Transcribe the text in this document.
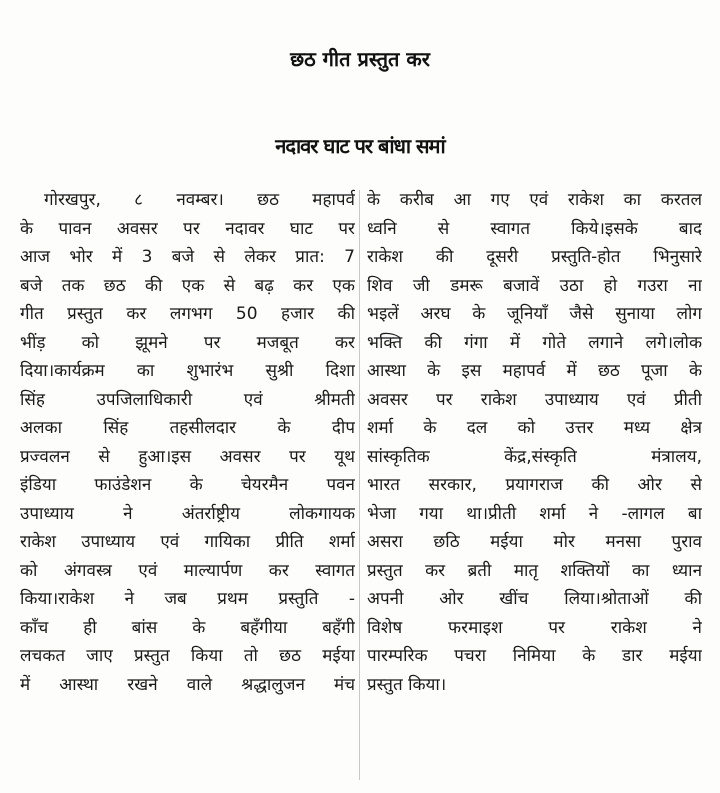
छठ गीत प्रस्तुत कर
नदावर घाट पर बांधा समां
गोरखपुर, ८ नवम्बर। छठ महापर्व
के पावन अवसर पर नदावर घाट पर
आज भोर में 3 बजे से लेकर प्रात: 7
बजे तक छठ की एक से बढ़ कर एक
गीत प्रस्तुत कर लगभग 50 हजार की
भींड़ को झूमने पर मजबूत कर
दिया।कार्यक्रम का शुभारंभ सुश्री दिशा
सिंह उपजिलाधिकारी एवं श्रीमती
अलका सिंह तहसीलदार के दीप
प्रज्वलन से हुआ।इस अवसर पर यूथ
इंडिया फाउंडेशन के चेयरमैन पवन
उपाध्याय ने अंतर्राष्ट्रीय लोकगायक
राकेश उपाध्याय एवं गायिका प्रीति शर्मा
को अंगवस्त्र एवं माल्यार्पण कर स्वागत
किया।राकेश ने जब प्रथम प्रस्तुति -
काँच ही बांस के बहँगीया बहँगी
लचकत जाए प्रस्तुत किया तो छठ मईया
में आस्था रखने वाले श्रद्धालुजन मंच
के करीब आ गए एवं राकेश का करतल
ध्वनि से स्वागत किये।इसके बाद
राकेश की दूसरी प्रस्तुति-होत भिनुसारे
शिव जी डमरू बजावें उठा हो गउरा ना
भइलें अरघ के जूनियाँ जैसे सुनाया लोग
भक्ति की गंगा में गोते लगाने लगे।लोक
आस्था के इस महापर्व में छठ पूजा के
अवसर पर राकेश उपाध्याय एवं प्रीती
शर्मा के दल को उत्तर मध्य क्षेत्र
सांस्कृतिक केंद्र,संस्कृति मंत्रालय,
भारत सरकार, प्रयागराज की ओर से
भेजा गया था।प्रीती शर्मा ने -लागल बा
असरा छठि मईया मोर मनसा पुराव
प्रस्तुत कर ब्रती मातृ शक्तियों का ध्यान
अपनी ओर खींच लिया।श्रोताओं की
विशेष फरमाइश पर राकेश ने
पारम्परिक पचरा निमिया के डार मईया
प्रस्तुत किया।
